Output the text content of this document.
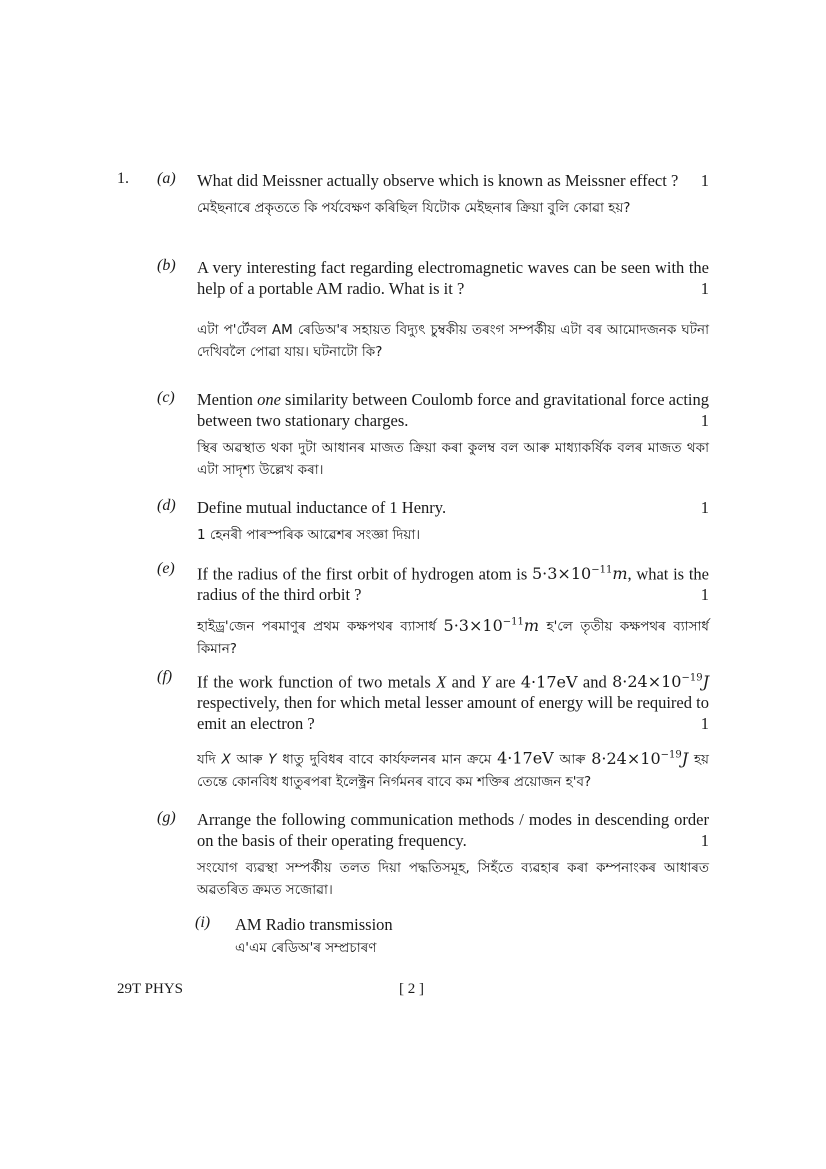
1. (a) What did Meissner actually observe which is known as Meissner effect ? 1
মেইছনাৰে প্ৰকৃততে কি পৰ্যবেক্ষণ কৰিছিল যিটোক মেইছনাৰ ক্ৰিয়া বুলি কোৱা হয়?
(b) A very interesting fact regarding electromagnetic waves can be seen with the help of a portable AM radio. What is it ?	1
এটা প'ৰ্টেবল AM ৰেডিঅ'ৰ সহায়ত বিদ্যুৎ চুম্বকীয় তৰংগ সম্পৰ্কীয় এটা বৰ আমোদজনক ঘটনা দেখিবলৈ পোৱা যায়। ঘটনাটো কি?
(c) Mention one similarity between Coulomb force and gravitational force acting between two stationary charges.	1
স্থিৰ অৱস্থাত থকা দুটা আধানৰ মাজত ক্ৰিয়া কৰা কুলম্ব বল আৰু মাধ্যাকৰ্ষিক বলৰ মাজত থকা এটা সাদৃশ্য উল্লেখ কৰা।
(d) Define mutual inductance of 1 Henry.	1
1 হেনৰী পাৰস্পৰিক আৱেশৰ সংজ্ঞা দিয়া।
(e) If the radius of the first orbit of hydrogen atom is $5\cdot 3\times 10^{-11}m$, what is the radius of the third orbit ?	1
হাইড্ৰ'জেন পৰমাণুৰ প্ৰথম কক্ষপথৰ ব্যাসাৰ্ধ $5\cdot 3\times 10^{-11}m$ হ'লে তৃতীয় কক্ষপথৰ ব্যাসাৰ্ধ কিমান?
(f) If the work function of two metals X and Y are 4·17eV and $8\cdot 24\times 10^{-19}J$ respectively, then for which metal lesser amount of energy will be required to emit an electron ?	1
যদি X আৰু Y ধাতু দুবিধৰ বাবে কাৰ্যফলনৰ মান ক্ৰমে 4·17eV আৰু $8\cdot 24\times 10^{-19}J$ হয় তেন্তে কোনবিধ ধাতুৰপৰা ইলেক্ট্ৰন নিৰ্গমনৰ বাবে কম শক্তিৰ প্ৰয়োজন হ'ব?
(g) Arrange the following communication methods / modes in descending order on the basis of their operating frequency.	1
সংযোগ ব্যৱস্থা সম্পৰ্কীয় তলত দিয়া পদ্ধতিসমূহ, সিহঁতে ব্যৱহাৰ কৰা কম্পনাংকৰ আধাৰত অৱতৰিত ক্ৰমত সজোৱা।
(i) AM Radio transmission
এ'এম ৰেডিঅ'ৰ সম্প্ৰচাৰণ
29T PHYS	[ 2 ]
